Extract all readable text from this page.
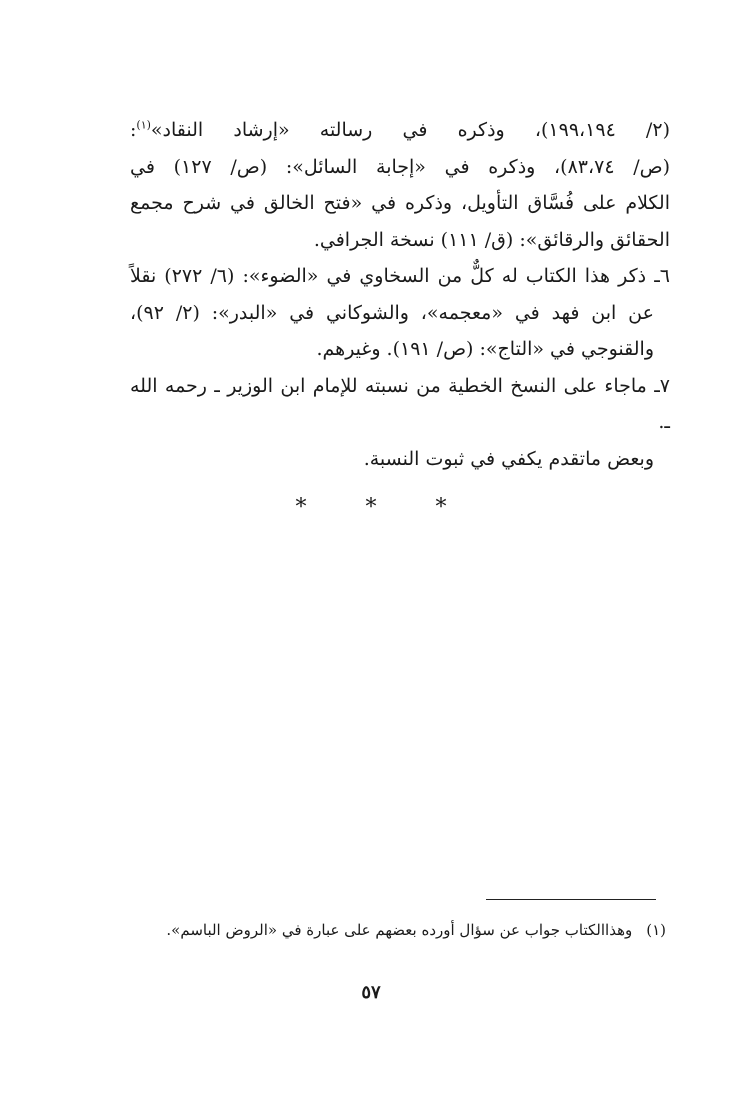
(٢/ ١٩٩،١٩٤)، وذكره في رسالته «إرشاد النقاد»$^{(١)}$:

(ص/ ٨٣،٧٤)، وذكره في «إجابة السائل»: (ص/ ١٢٧) في

الكلام على فُسَّاق التأويل، وذكره في «فتح الخالق في شرح مجمع

الحقائق والرقائق»: (ق/ ١١١) نسخة الجرافي.

٦ـ ذكر هذا الكتاب له كلٌّ من السخاوي في «الضوء»: (٦/ ٢٧٢) نقلاً

عن ابن فهد في «معجمه»، والشوكاني في «البدر»: (٢/ ٩٢)،

والقنوجي في «التاج»: (ص/ ١٩١). وغيرهم.

٧ـ ماجاء على النسخ الخطية من نسبته للإمام ابن الوزير ـ رحمه الله ـ.

وبعض ماتقدم يكفي في ثبوت النسبة.

* * *
(١)وهذاالكتاب جواب عن سؤال أورده بعضهم على عبارة في «الروض الباسم».
٥٧
